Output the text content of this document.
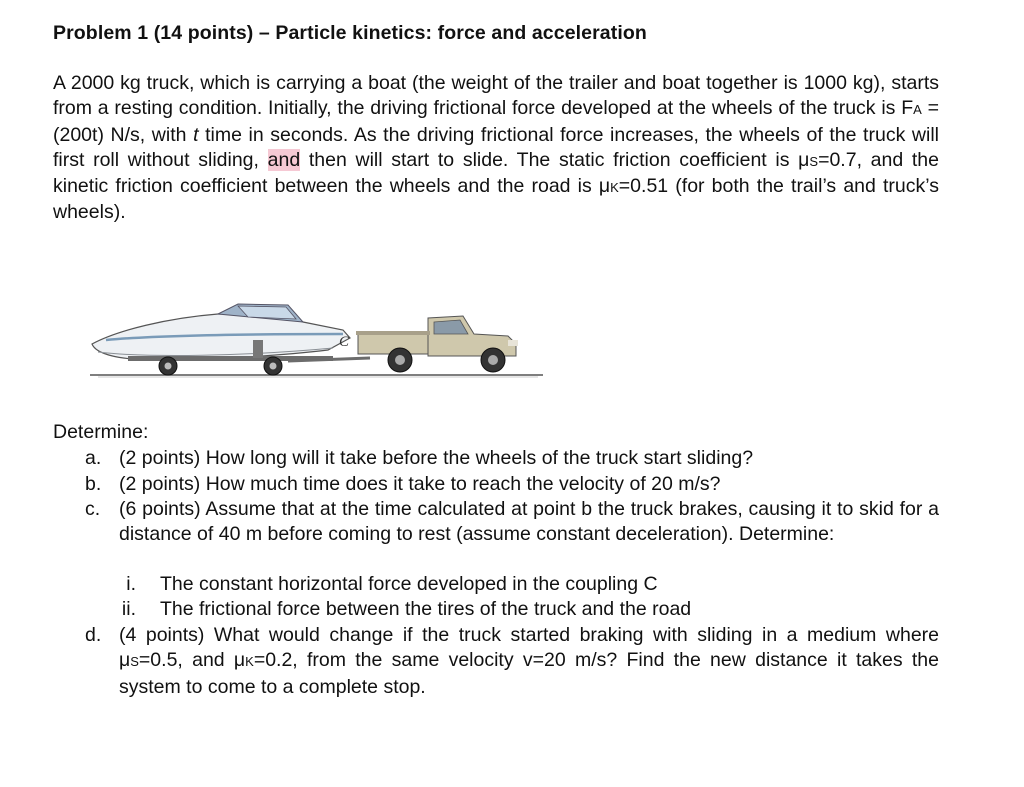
Problem 1 (14 points) – Particle kinetics: force and acceleration
A 2000 kg truck, which is carrying a boat (the weight of the trailer and boat together is 1000 kg), starts from a resting condition. Initially, the driving frictional force developed at the wheels of the truck is FA = (200t) N/s, with t time in seconds. As the driving frictional force increases, the wheels of the truck will first roll without sliding, and then will start to slide. The static friction coefficient is μS=0.7, and the kinetic friction coefficient between the wheels and the road is μK=0.51 (for both the trail’s and truck’s wheels).
C
Determine:
a. (2 points) How long will it take before the wheels of the truck start sliding?
b. (2 points) How much time does it take to reach the velocity of 20 m/s?
c. (6 points) Assume that at the time calculated at point b the truck brakes, causing it to skid for a distance of 40 m before coming to rest (assume constant deceleration). Determine:
i. The constant horizontal force developed in the coupling C
ii. The frictional force between the tires of the truck and the road
d. (4 points) What would change if the truck started braking with sliding in a medium where μS=0.5, and μK=0.2, from the same velocity v=20 m/s? Find the new distance it takes the system to come to a complete stop.
